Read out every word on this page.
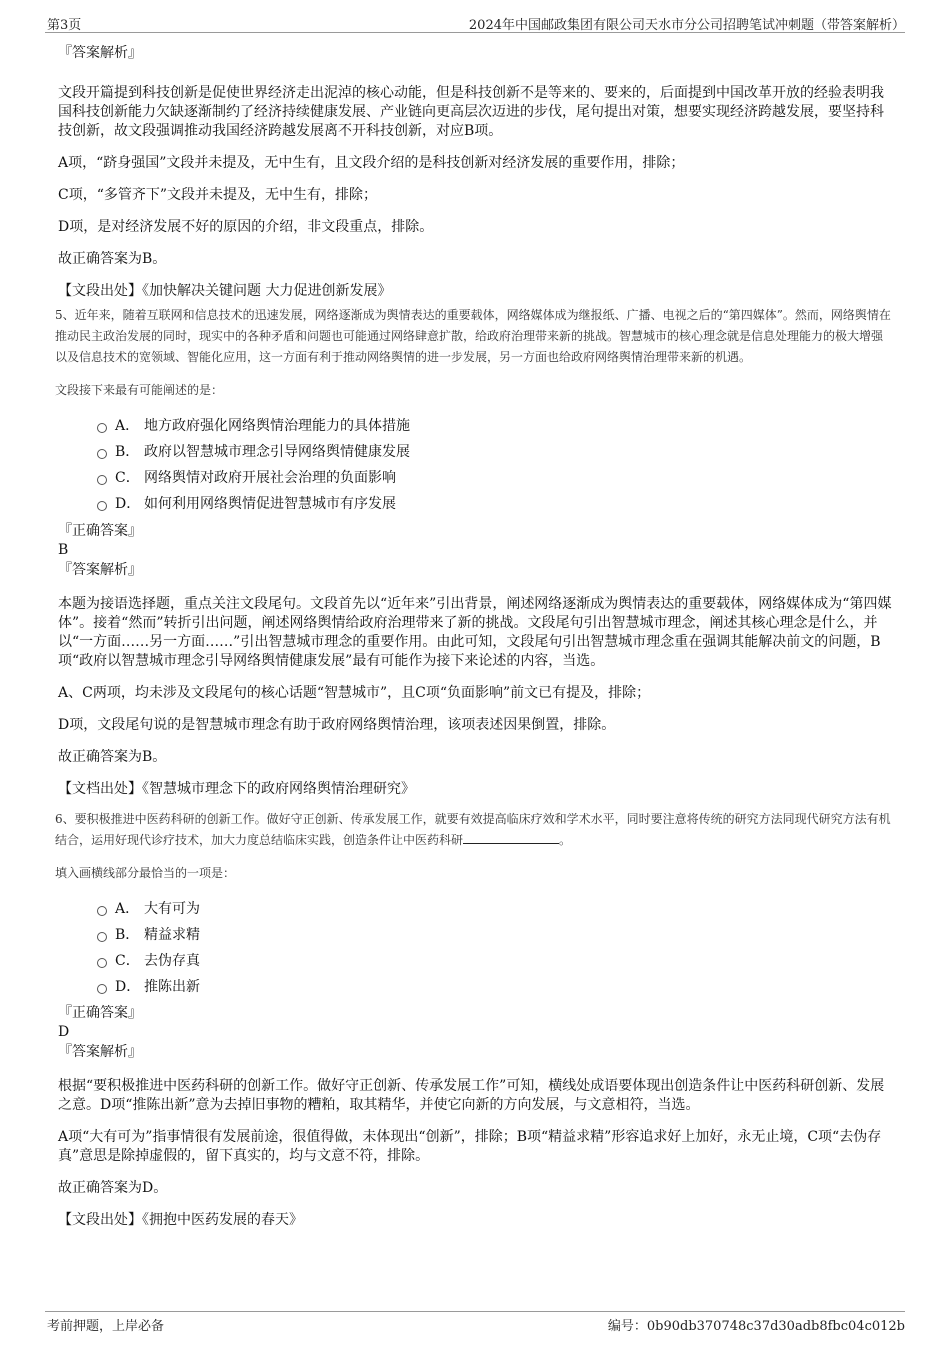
第3页	2024年中国邮政集团有限公司天水市分公司招聘笔试冲刺题（带答案解析）
『答案解析』

文段开篇提到科技创新是促使世界经济走出泥淖的核心动能，但是科技创新不是等来的、要来的，后面提到中国改革开放的经验表明我国科技创新能力欠缺逐渐制约了经济持续健康发展、产业链向更高层次迈进的步伐，尾句提出对策，想要实现经济跨越发展，要坚持科技创新，故文段强调推动我国经济跨越发展离不开科技创新，对应B项。

A项，“跻身强国”文段并未提及，无中生有，且文段介绍的是科技创新对经济发展的重要作用，排除；

C项，“多管齐下”文段并未提及，无中生有，排除；

D项，是对经济发展不好的原因的介绍，非文段重点，排除。

故正确答案为B。

【文段出处】《加快解决关键问题 大力促进创新发展》

5、近年来，随着互联网和信息技术的迅速发展，网络逐渐成为舆情表达的重要载体，网络媒体成为继报纸、广播、电视之后的“第四媒体”。然而，网络舆情在推动民主政治发展的同时，现实中的各种矛盾和问题也可能通过网络肆意扩散，给政府治理带来新的挑战。智慧城市的核心理念就是信息处理能力的极大增强以及信息技术的宽领域、智能化应用，这一方面有利于推动网络舆情的进一步发展，另一方面也给政府网络舆情治理带来新的机遇。

文段接下来最有可能阐述的是：

A． 地方政府强化网络舆情治理能力的具体措施
B． 政府以智慧城市理念引导网络舆情健康发展
C． 网络舆情对政府开展社会治理的负面影响
D． 如何利用网络舆情促进智慧城市有序发展
『正确答案』
B
『答案解析』

本题为接语选择题，重点关注文段尾句。文段首先以“近年来”引出背景，阐述网络逐渐成为舆情表达的重要载体，网络媒体成为“第四媒体”。接着“然而”转折引出问题，阐述网络舆情给政府治理带来了新的挑战。文段尾句引出智慧城市理念，阐述其核心理念是什么，并以“一方面……另一方面……”引出智慧城市理念的重要作用。由此可知，文段尾句引出智慧城市理念重在强调其能解决前文的问题，B项“政府以智慧城市理念引导网络舆情健康发展”最有可能作为接下来论述的内容，当选。

A、C两项，均未涉及文段尾句的核心话题“智慧城市”，且C项“负面影响”前文已有提及，排除；

D项，文段尾句说的是智慧城市理念有助于政府网络舆情治理，该项表述因果倒置，排除。

故正确答案为B。

【文档出处】《智慧城市理念下的政府网络舆情治理研究》

6、要积极推进中医药科研的创新工作。做好守正创新、传承发展工作，就要有效提高临床疗效和学术水平，同时要注意将传统的研究方法同现代研究方法有机结合，运用好现代诊疗技术，加大力度总结临床实践，创造条件让中医药科研	。

填入画横线部分最恰当的一项是：

A． 大有可为
B． 精益求精
C． 去伪存真
D． 推陈出新
『正确答案』
D
『答案解析』

根据“要积极推进中医药科研的创新工作。做好守正创新、传承发展工作”可知，横线处成语要体现出创造条件让中医药科研创新、发展之意。D项“推陈出新”意为去掉旧事物的糟粕，取其精华，并使它向新的方向发展，与文意相符，当选。

A项“大有可为”指事情很有发展前途，很值得做，未体现出“创新”，排除；B项“精益求精”形容追求好上加好，永无止境，C项“去伪存真”意思是除掉虚假的，留下真实的，均与文意不符，排除。

故正确答案为D。

【文段出处】《拥抱中医药发展的春天》

考前押题，上岸必备	编号：0b90db370748c37d30adb8fbc04c012b
